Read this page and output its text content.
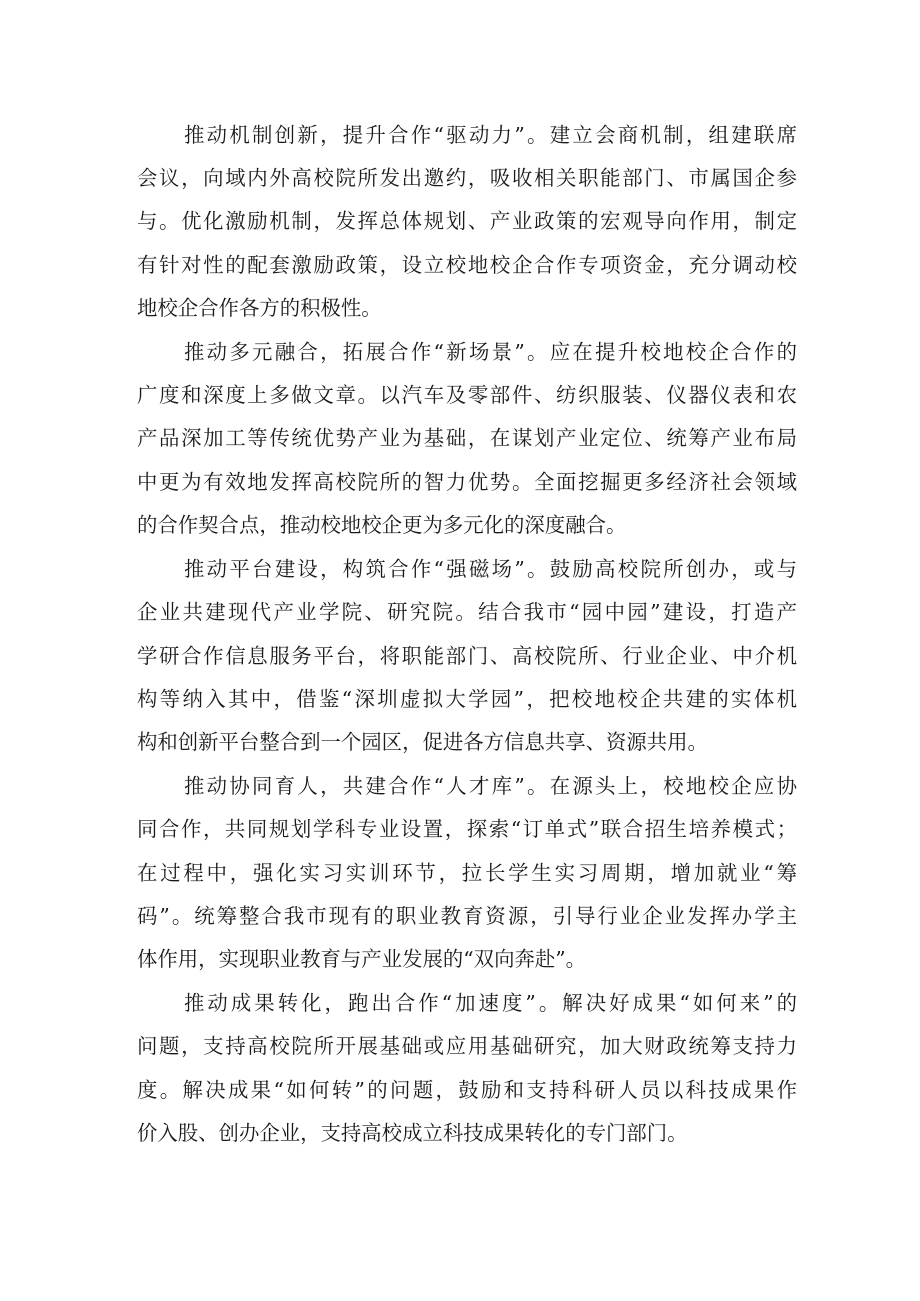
推动机制创新，提升合作“驱动力”。建立会商机制，组建联席
会议，向域内外高校院所发出邀约，吸收相关职能部门、市属国企参
与。优化激励机制，发挥总体规划、产业政策的宏观导向作用，制定
有针对性的配套激励政策，设立校地校企合作专项资金，充分调动校
地校企合作各方的积极性。
推动多元融合，拓展合作“新场景”。应在提升校地校企合作的
广度和深度上多做文章。以汽车及零部件、纺织服装、仪器仪表和农
产品深加工等传统优势产业为基础，在谋划产业定位、统筹产业布局
中更为有效地发挥高校院所的智力优势。全面挖掘更多经济社会领域
的合作契合点，推动校地校企更为多元化的深度融合。
推动平台建设，构筑合作“强磁场”。鼓励高校院所创办，或与
企业共建现代产业学院、研究院。结合我市“园中园”建设，打造产
学研合作信息服务平台，将职能部门、高校院所、行业企业、中介机
构等纳入其中，借鉴“深圳虚拟大学园”，把校地校企共建的实体机
构和创新平台整合到一个园区，促进各方信息共享、资源共用。
推动协同育人，共建合作“人才库”。在源头上，校地校企应协
同合作，共同规划学科专业设置，探索“订单式”联合招生培养模式；
在过程中，强化实习实训环节，拉长学生实习周期，增加就业“筹
码”。统筹整合我市现有的职业教育资源，引导行业企业发挥办学主
体作用，实现职业教育与产业发展的“双向奔赴”。
推动成果转化，跑出合作“加速度”。解决好成果“如何来”的
问题，支持高校院所开展基础或应用基础研究，加大财政统筹支持力
度。解决成果“如何转”的问题，鼓励和支持科研人员以科技成果作
价入股、创办企业，支持高校成立科技成果转化的专门部门。
